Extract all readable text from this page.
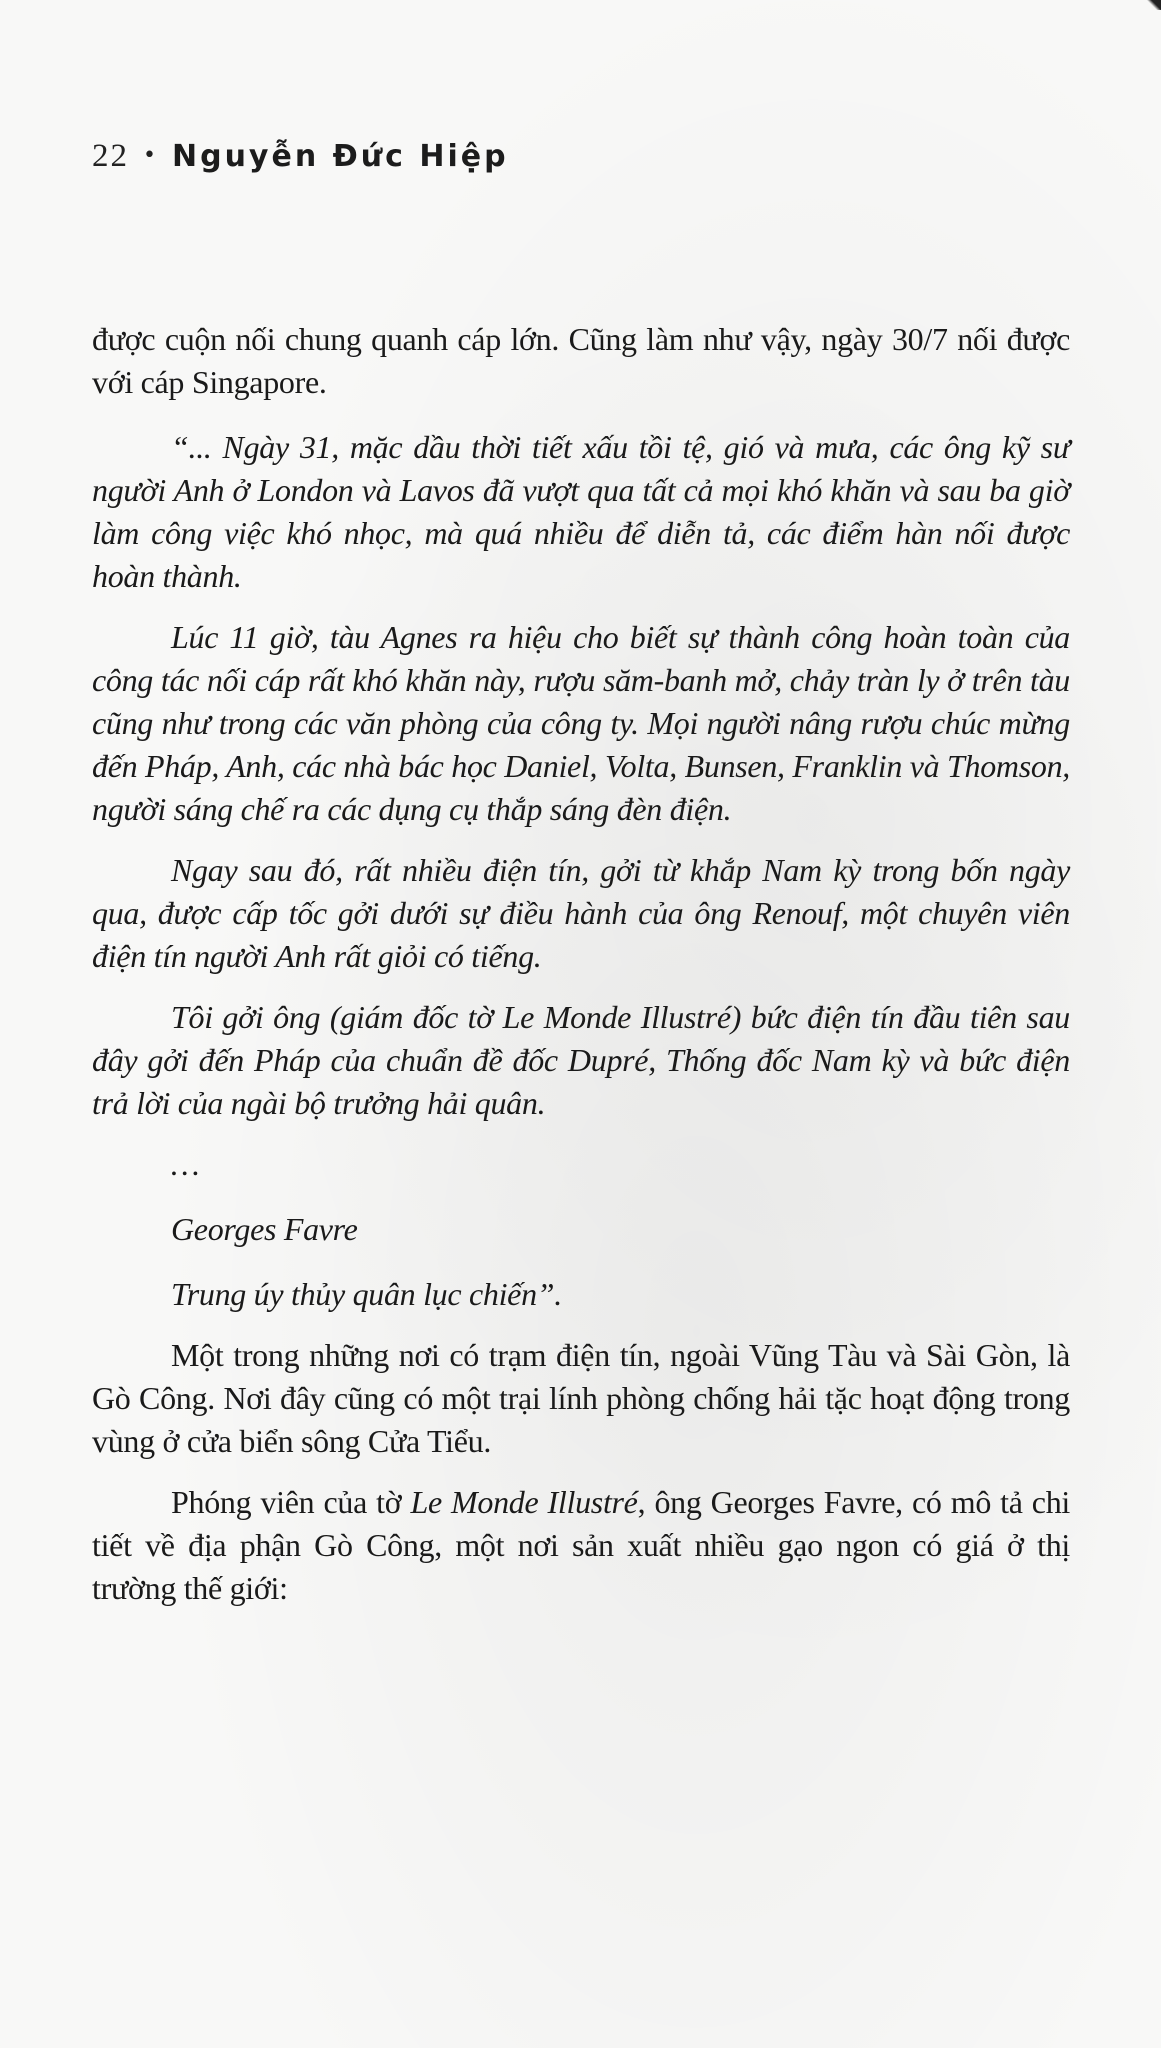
22 • Nguyễn Đức Hiệp

được cuộn nối chung quanh cáp lớn. Cũng làm như vậy, ngày 30/7 nối được với cáp Singapore.

“... Ngày 31, mặc dầu thời tiết xấu tồi tệ, gió và mưa, các ông kỹ sư người Anh ở London và Lavos đã vượt qua tất cả mọi khó khăn và sau ba giờ làm công việc khó nhọc, mà quá nhiều để diễn tả, các điểm hàn nối được hoàn thành.

Lúc 11 giờ, tàu Agnes ra hiệu cho biết sự thành công hoàn toàn của công tác nối cáp rất khó khăn này, rượu săm-banh mở, chảy tràn ly ở trên tàu cũng như trong các văn phòng của công ty. Mọi người nâng rượu chúc mừng đến Pháp, Anh, các nhà bác học Daniel, Volta, Bunsen, Franklin và Thomson, người sáng chế ra các dụng cụ thắp sáng đèn điện.

Ngay sau đó, rất nhiều điện tín, gởi từ khắp Nam kỳ trong bốn ngày qua, được cấp tốc gởi dưới sự điều hành của ông Renouf, một chuyên viên điện tín người Anh rất giỏi có tiếng.

Tôi gởi ông (giám đốc tờ Le Monde Illustré) bức điện tín đầu tiên sau đây gởi đến Pháp của chuẩn đề đốc Dupré, Thống đốc Nam kỳ và bức điện trả lời của ngài bộ trưởng hải quân.

…

Georges Favre

Trung úy thủy quân lục chiến”.

Một trong những nơi có trạm điện tín, ngoài Vũng Tàu và Sài Gòn, là Gò Công. Nơi đây cũng có một trại lính phòng chống hải tặc hoạt động trong vùng ở cửa biển sông Cửa Tiểu.

Phóng viên của tờ Le Monde Illustré, ông Georges Favre, có mô tả chi tiết về địa phận Gò Công, một nơi sản xuất nhiều gạo ngon có giá ở thị trường thế giới:
